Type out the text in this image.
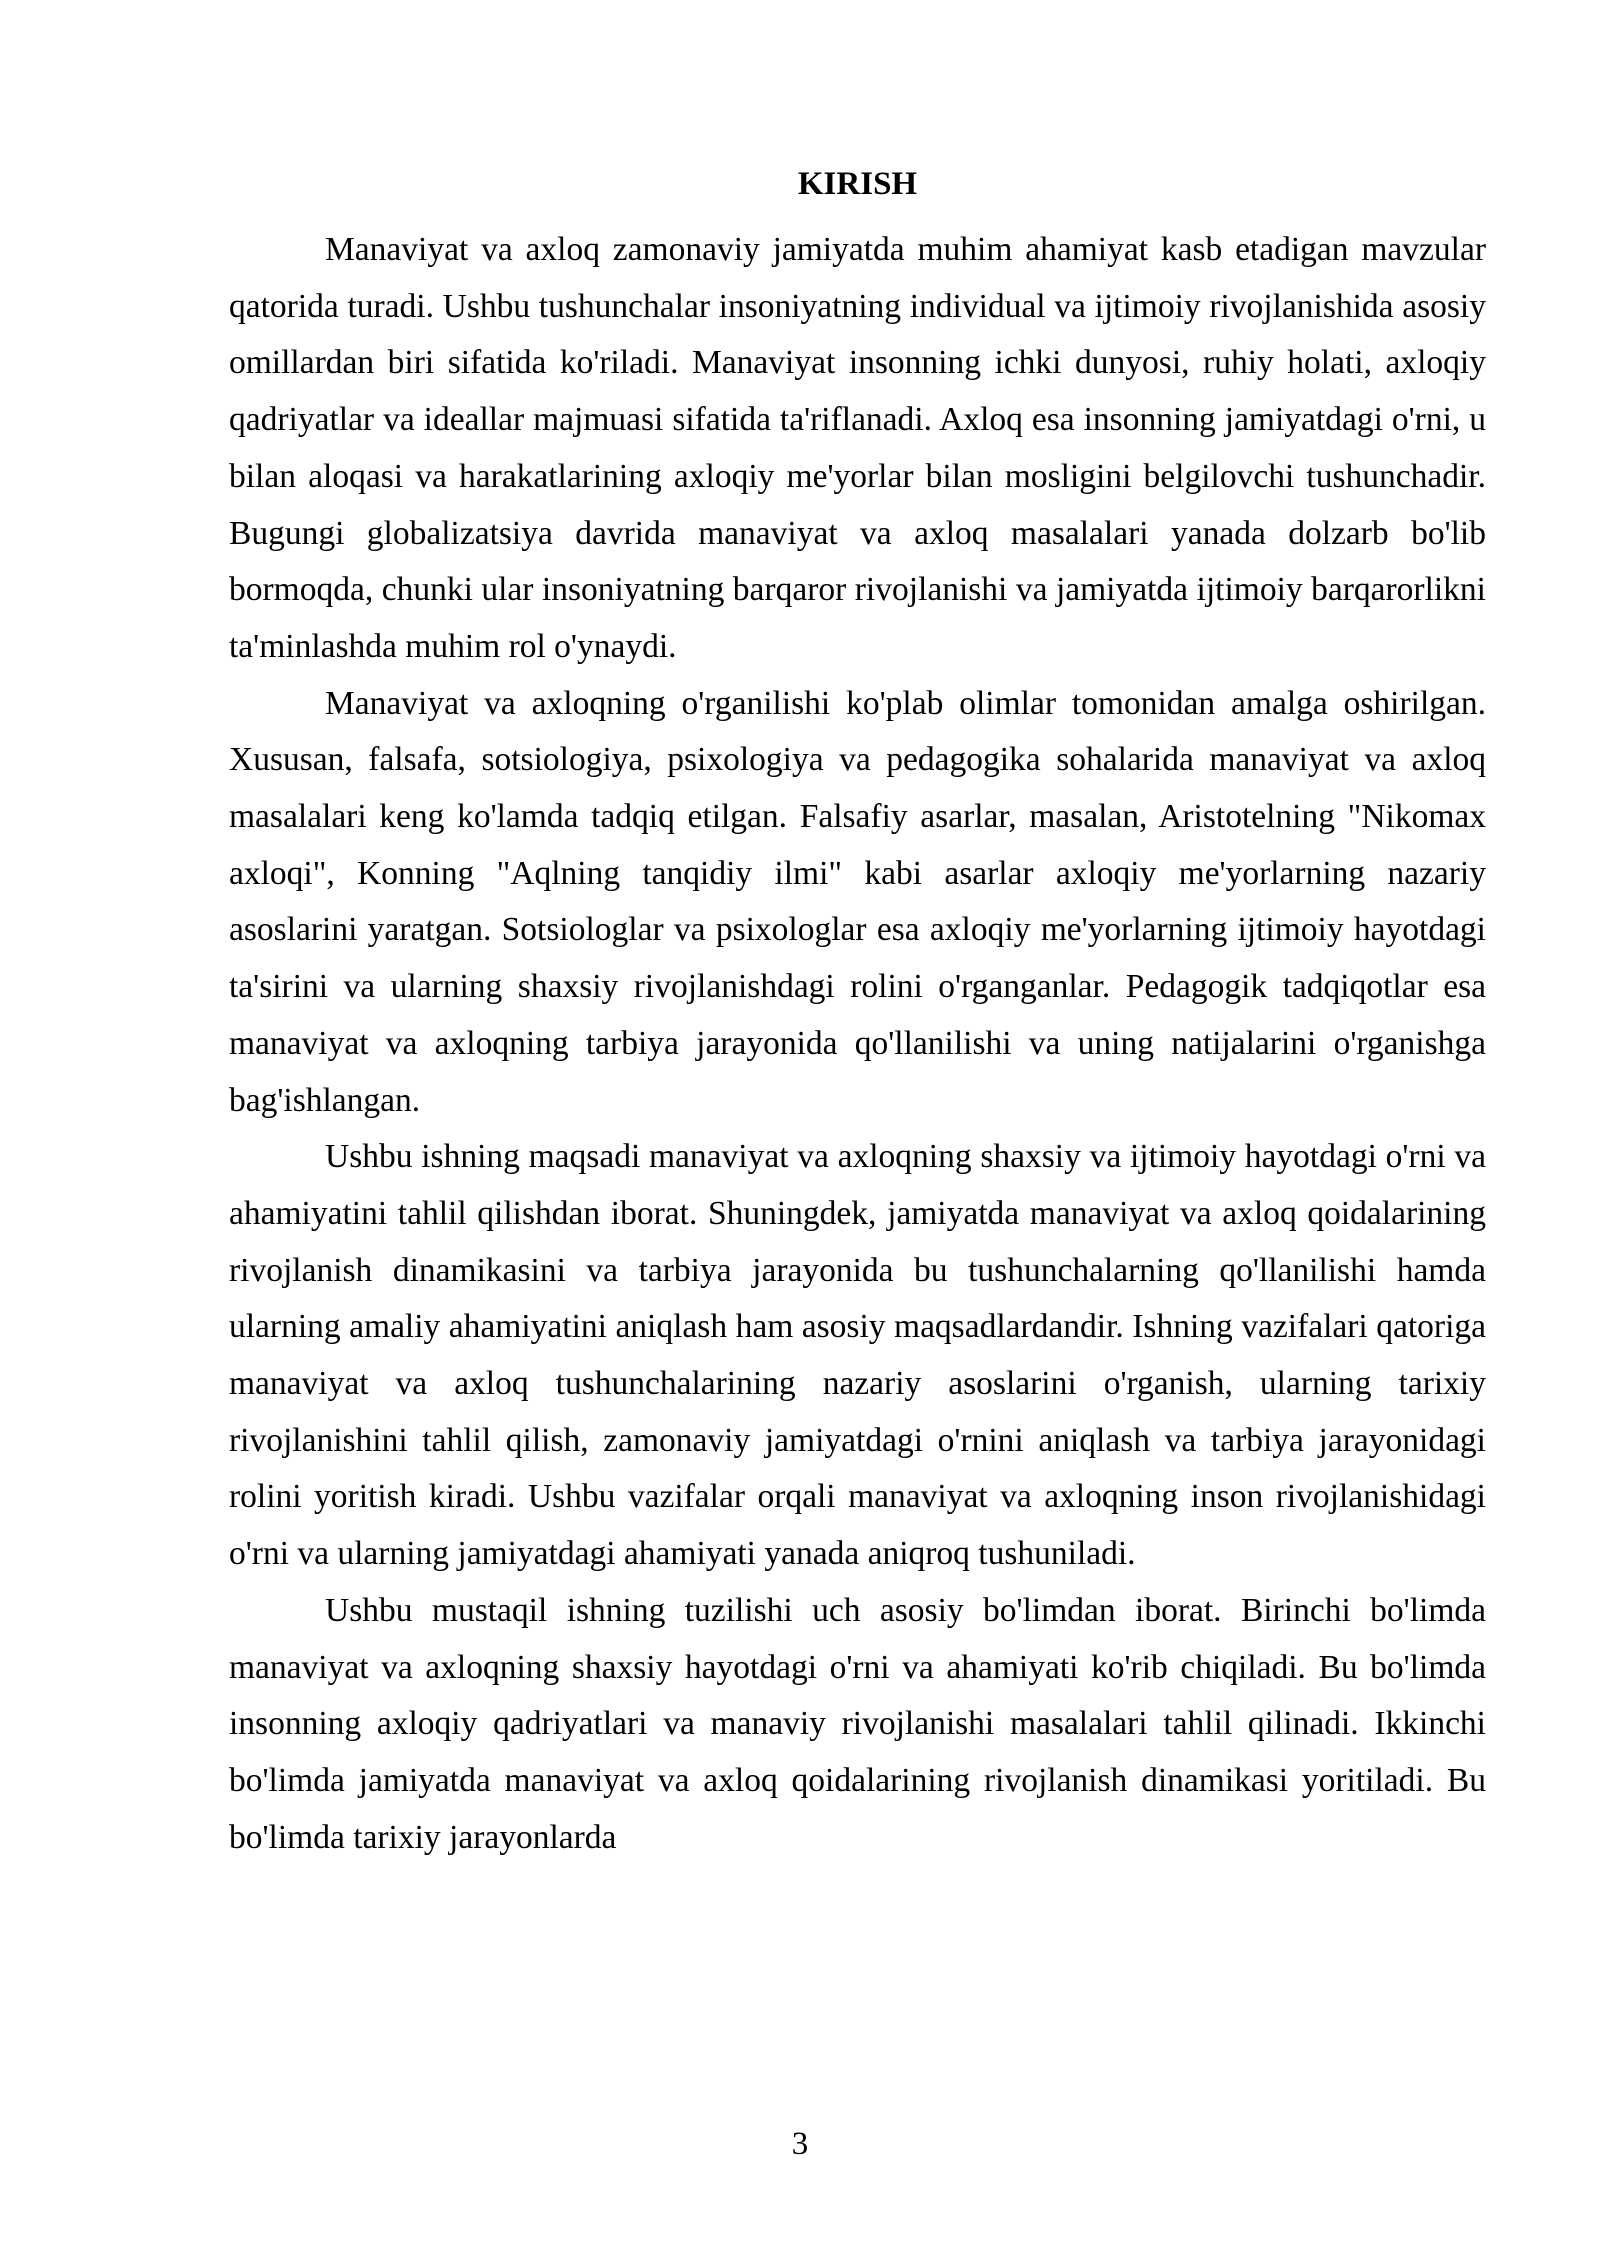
KIRISH

Manaviyat va axloq zamonaviy jamiyatda muhim ahamiyat kasb etadigan mavzular qatorida turadi. Ushbu tushunchalar insoniyatning individual va ijtimoiy rivojlanishida asosiy omillardan biri sifatida ko'riladi. Manaviyat insonning ichki dunyosi, ruhiy holati, axloqiy qadriyatlar va ideallar majmuasi sifatida ta'riflanadi. Axloq esa insonning jamiyatdagi o'rni, u bilan aloqasi va harakatlarining axloqiy me'yorlar bilan mosligini belgilovchi tushunchadir. Bugungi globalizatsiya davrida manaviyat va axloq masalalari yanada dolzarb bo'lib bormoqda, chunki ular insoniyatning barqaror rivojlanishi va jamiyatda ijtimoiy barqarorlikni ta'minlashda muhim rol o'ynaydi.

Manaviyat va axloqning o'rganilishi ko'plab olimlar tomonidan amalga oshirilgan. Xususan, falsafa, sotsiologiya, psixologiya va pedagogika sohalarida manaviyat va axloq masalalari keng ko'lamda tadqiq etilgan. Falsafiy asarlar, masalan, Aristotelning "Nikomax axloqi", Konning "Aqlning tanqidiy ilmi" kabi asarlar axloqiy me'yorlarning nazariy asoslarini yaratgan. Sotsiologlar va psixologlar esa axloqiy me'yorlarning ijtimoiy hayotdagi ta'sirini va ularning shaxsiy rivojlanishdagi rolini o'rganganlar. Pedagogik tadqiqotlar esa manaviyat va axloqning tarbiya jarayonida qo'llanilishi va uning natijalarini o'rganishga bag'ishlangan.

Ushbu ishning maqsadi manaviyat va axloqning shaxsiy va ijtimoiy hayotdagi o'rni va ahamiyatini tahlil qilishdan iborat. Shuningdek, jamiyatda manaviyat va axloq qoidalarining rivojlanish dinamikasini va tarbiya jarayonida bu tushunchalarning qo'llanilishi hamda ularning amaliy ahamiyatini aniqlash ham asosiy maqsadlardandir. Ishning vazifalari qatoriga manaviyat va axloq tushunchalarining nazariy asoslarini o'rganish, ularning tarixiy rivojlanishini tahlil qilish, zamonaviy jamiyatdagi o'rnini aniqlash va tarbiya jarayonidagi rolini yoritish kiradi. Ushbu vazifalar orqali manaviyat va axloqning inson rivojlanishidagi o'rni va ularning jamiyatdagi ahamiyati yanada aniqroq tushuniladi.

Ushbu mustaqil ishning tuzilishi uch asosiy bo'limdan iborat. Birinchi bo'limda manaviyat va axloqning shaxsiy hayotdagi o'rni va ahamiyati ko'rib chiqiladi. Bu bo'limda insonning axloqiy qadriyatlari va manaviy rivojlanishi masalalari tahlil qilinadi. Ikkinchi bo'limda jamiyatda manaviyat va axloq qoidalarining rivojlanish dinamikasi yoritiladi. Bu bo'limda tarixiy jarayonlarda

3
